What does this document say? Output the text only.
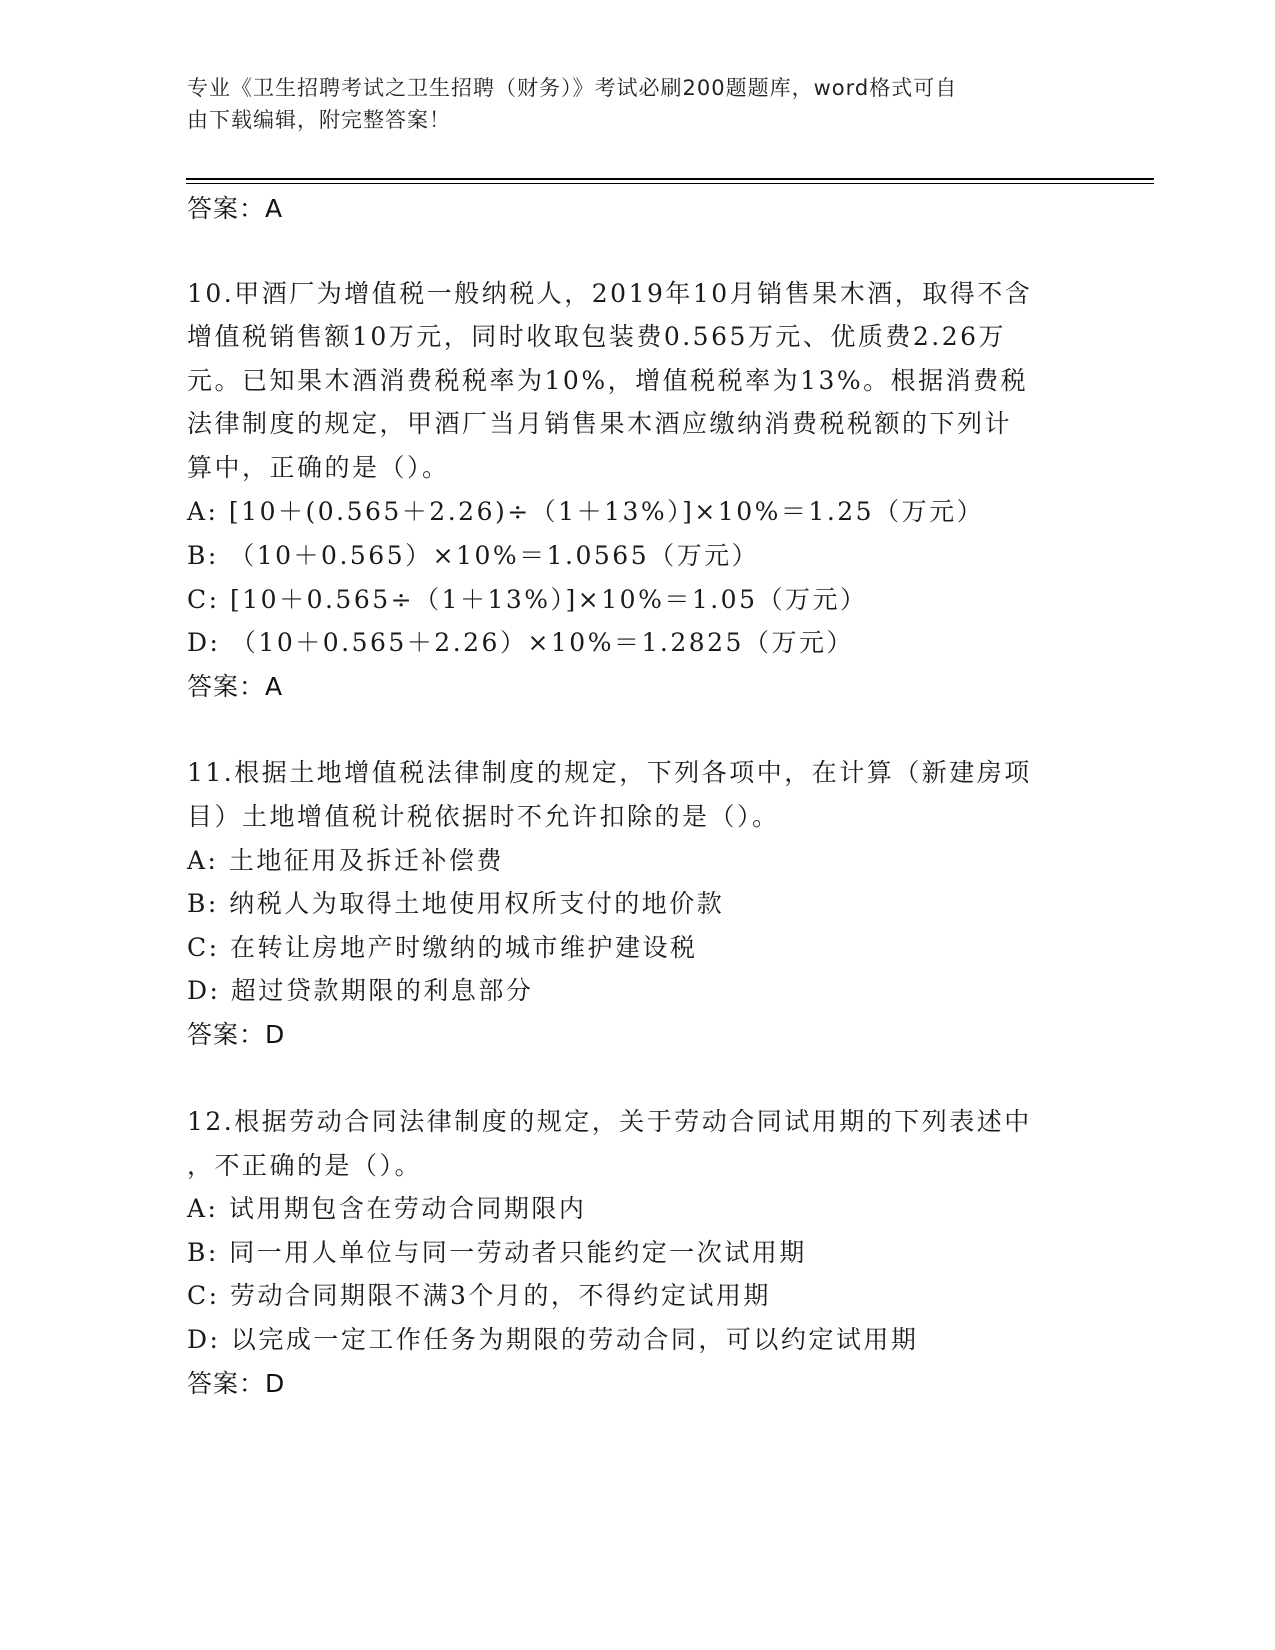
专业《卫生招聘考试之卫生招聘（财务）》考试必刷200题题库，word格式可自
由下载编辑，附完整答案！
答案：A
10.甲酒厂为增值税一般纳税人，2019年10月销售果木酒，取得不含
增值税销售额10万元，同时收取包装费0.565万元、优质费2.26万
元。已知果木酒消费税税率为10%，增值税税率为13%。根据消费税
法律制度的规定，甲酒厂当月销售果木酒应缴纳消费税税额的下列计
算中，正确的是（）。
A: [10＋(0.565＋2.26)÷（1＋13%）]×10%＝1.25（万元）
B: （10＋0.565）×10%＝1.0565（万元）
C: [10＋0.565÷（1＋13%）]×10%＝1.05（万元）
D: （10＋0.565＋2.26）×10%＝1.2825（万元）
答案：A
11.根据土地增值税法律制度的规定，下列各项中，在计算（新建房项
目）土地增值税计税依据时不允许扣除的是（）。
A: 土地征用及拆迁补偿费
B: 纳税人为取得土地使用权所支付的地价款
C: 在转让房地产时缴纳的城市维护建设税
D: 超过贷款期限的利息部分
答案：D
12.根据劳动合同法律制度的规定，关于劳动合同试用期的下列表述中
，不正确的是（）。
A: 试用期包含在劳动合同期限内
B: 同一用人单位与同一劳动者只能约定一次试用期
C: 劳动合同期限不满3个月的，不得约定试用期
D: 以完成一定工作任务为期限的劳动合同，可以约定试用期
答案：D
